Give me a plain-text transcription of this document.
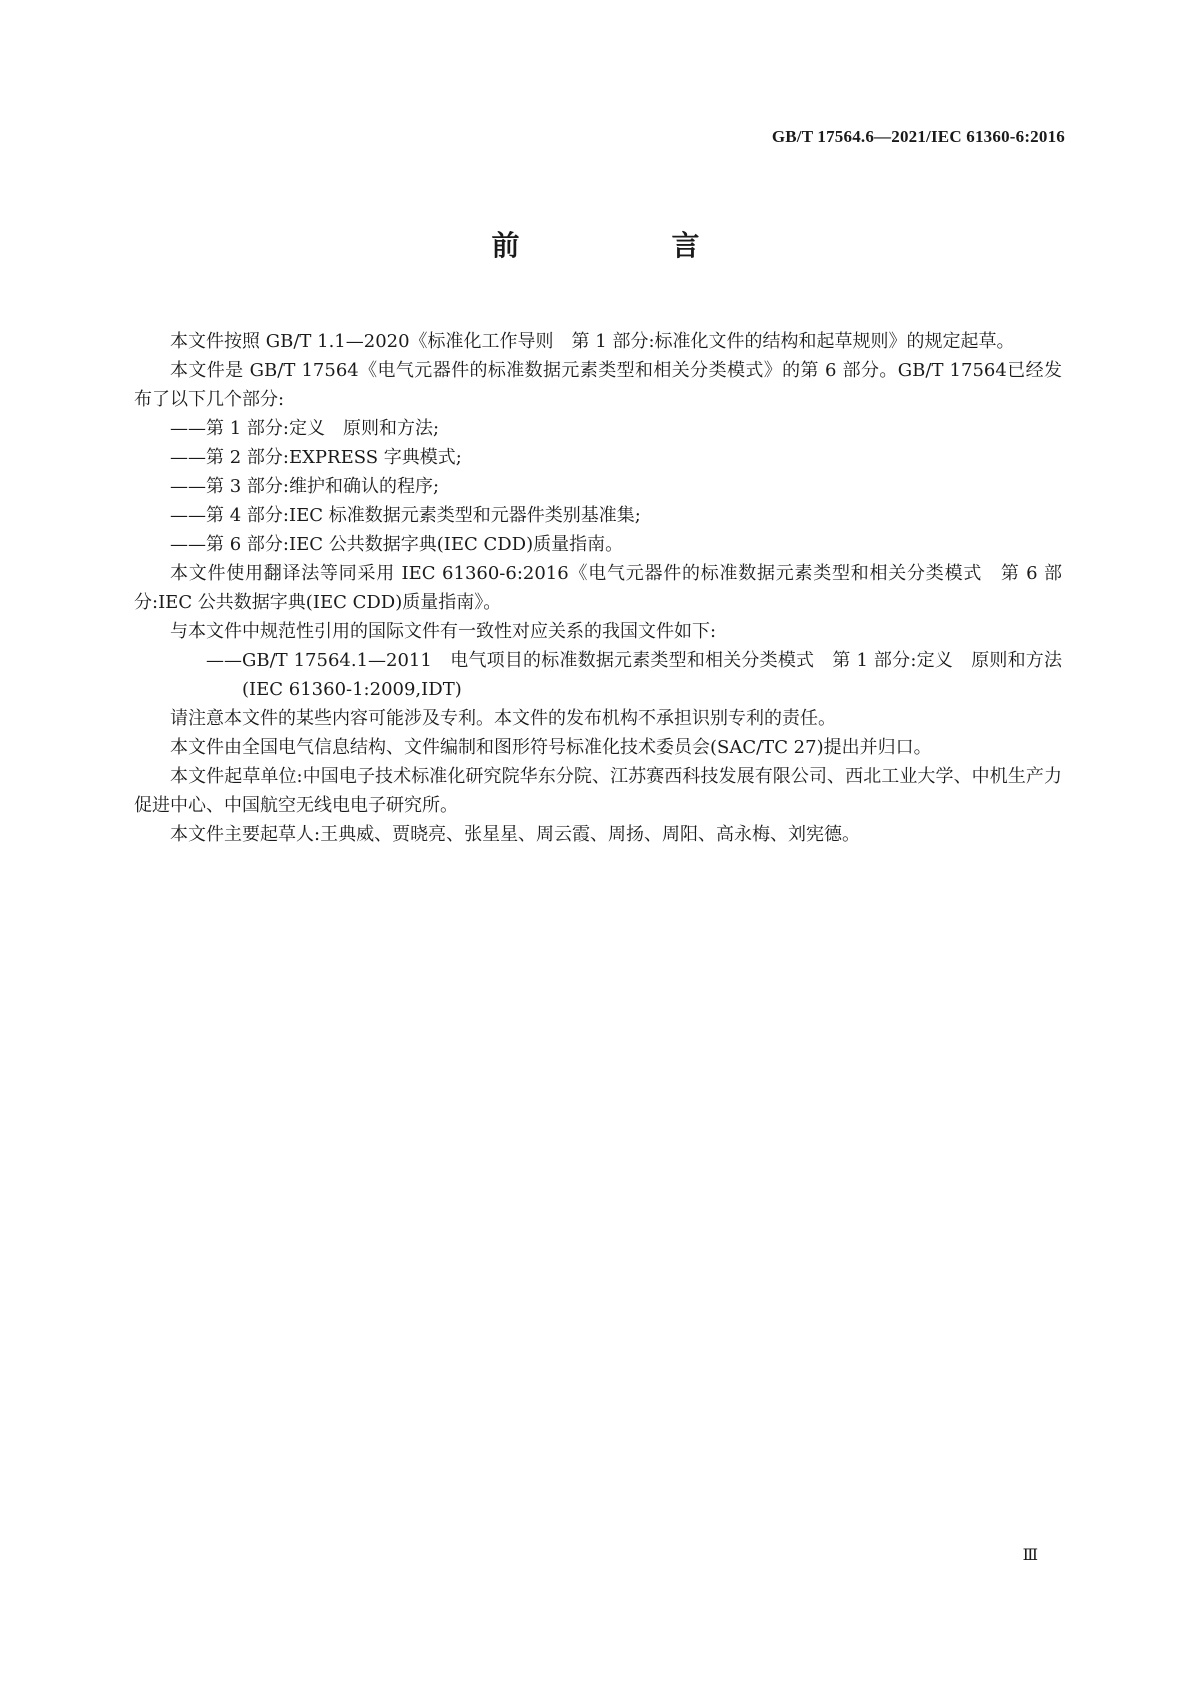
GB/T 17564.6—2021/IEC 61360-6:2016
前　言

本文件按照 GB/T 1.1—2020《标准化工作导则　第 1 部分:标准化文件的结构和起草规则》的规定起草。

本文件是 GB/T 17564《电气元器件的标准数据元素类型和相关分类模式》的第 6 部分。GB/T 17564已经发布了以下几个部分:

——第 1 部分:定义　原则和方法;
——第 2 部分:EXPRESS 字典模式;
——第 3 部分:维护和确认的程序;
——第 4 部分:IEC 标准数据元素类型和元器件类别基准集;
——第 6 部分:IEC 公共数据字典(IEC CDD)质量指南。

本文件使用翻译法等同采用 IEC 61360-6:2016《电气元器件的标准数据元素类型和相关分类模式　第 6 部分:IEC 公共数据字典(IEC CDD)质量指南》。

与本文件中规范性引用的国际文件有一致性对应关系的我国文件如下:

——GB/T 17564.1—2011　电气项目的标准数据元素类型和相关分类模式　第 1 部分:定义　原则和方法(IEC 61360-1:2009,IDT)

请注意本文件的某些内容可能涉及专利。本文件的发布机构不承担识别专利的责任。

本文件由全国电气信息结构、文件编制和图形符号标准化技术委员会(SAC/TC 27)提出并归口。

本文件起草单位:中国电子技术标准化研究院华东分院、江苏赛西科技发展有限公司、西北工业大学、中机生产力促进中心、中国航空无线电电子研究所。

本文件主要起草人:王典威、贾晓亮、张星星、周云霞、周扬、周阳、高永梅、刘宪德。

Ⅲ
